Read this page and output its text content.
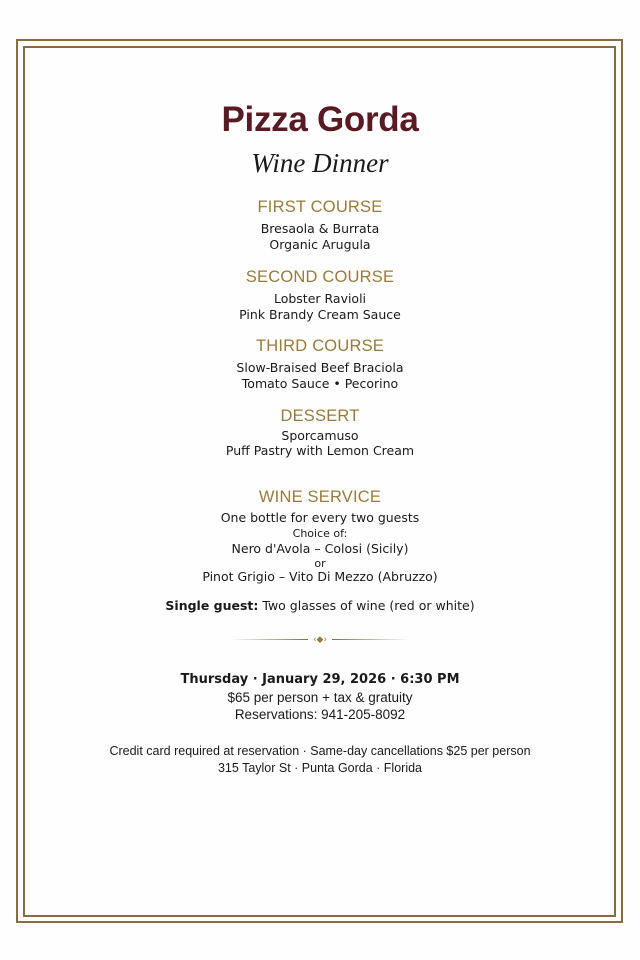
Pizza Gorda
Wine Dinner
FIRST COURSE
Bresaola & Burrata
Organic Arugula
SECOND COURSE
Lobster Ravioli
Pink Brandy Cream Sauce
THIRD COURSE
Slow-Braised Beef Braciola
Tomato Sauce • Pecorino
DESSERT
Sporcamuso
Puff Pastry with Lemon Cream
WINE SERVICE
One bottle for every two guests
Choice of:
Nero d'Avola – Colosi (Sicily)
or
Pinot Grigio – Vito Di Mezzo (Abruzzo)
Single guest: Two glasses of wine (red or white)
‹◆›
Thursday · January 29, 2026 · 6:30 PM
$65 per person + tax & gratuity
Reservations: 941-205-8092
Credit card required at reservation · Same-day cancellations $25 per person
315 Taylor St · Punta Gorda · Florida
